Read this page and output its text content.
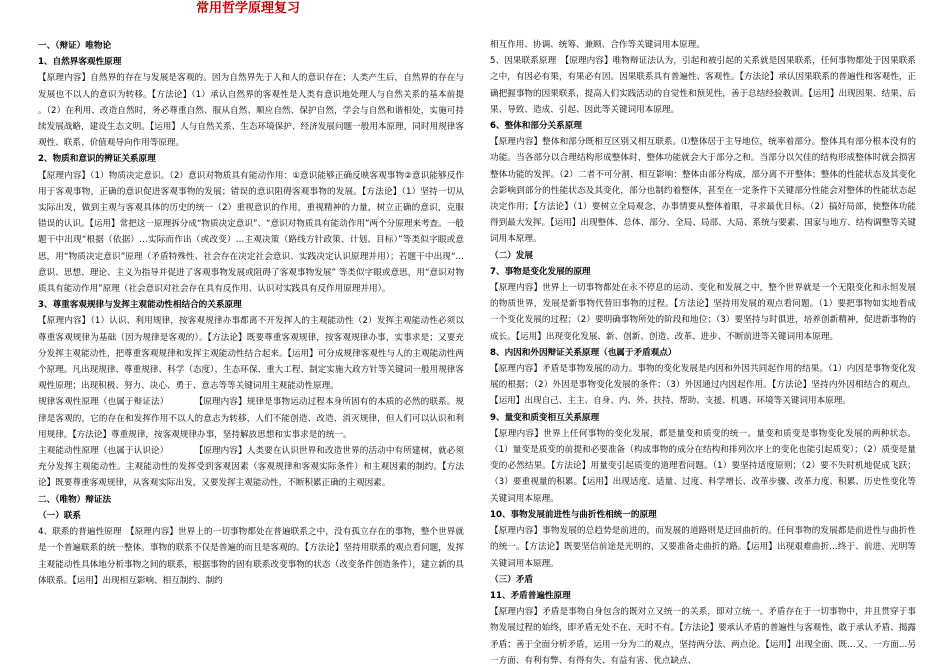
常用哲学原理复习

一、（辩证）唯物论

1、自然界客观性原理

【原理内容】自然界的存在与发展是客观的。因为自然界先于人和人的意识存在；人类产生后，自然界的存在与发展也不以人的意识为转移。【方法论】（1）承认自然界的客观性是人类有意识地处理人与自然关系的基本前提 。（2）在利用、改造自然时，务必尊重自然、服从自然、顺应自然、保护自然，学会与自然和谐相处，实施可持续发展战略，建设生态文明。【运用】人与自然关系、生态环境保护、经济发展问题一般用本原理，同时用规律客观性、联系、价值观导向作用等原理。

2、物质和意识的辨证关系原理

【原理内容】（1）物质决定意识。（2）意识对物质具有能动作用：①意识能够正确反映客观事物②意识能够反作用于客观事物，正确的意识促进客观事物的发展；错误的意识阻碍客观事物的发展。【方法论】（1）坚持一切从实际出发，做到主观与客观具体的历史的统一（2）重视意识的作用，重视精神的力量，树立正确的意识，克服错误的认识。【运用】常把这一原理拆分成“物质决定意识”、“意识对物质具有能动作用”两个分原理来考查。一般题干中出现“根据（依据）…实际而作出（或改变）…主观决策（路线方针政策、计划、目标）”等类似字眼或意思，用“物质决定意识”原理（矛盾特殊性、社会存在决定社会意识、实践决定认识原理并用）；若题干中出现“…意识、思想、理论、主义为指导并促进了客观事物发展或阻碍了客观事物发展” 等类似字眼或意思，用“意识对物质具有能动作用”原理（社会意识对社会存在具有反作用、认识对实践具有反作用原理并用）。

3、尊重客观规律与发挥主观能动性相结合的关系原理

【原理内容】（1）认识、利用规律，按客观规律办事都离不开发挥人的主观能动性（2）发挥主观能动性必须以尊重客观规律为基础（因为规律是客观的）。【方法论】既要尊重客观规律，按客观规律办事，实事求是；又要充分发挥主观能动性，把尊重客观规律和发挥主观能动性结合起来。【运用】可分成规律客观性与人的主观能动性两个原理。凡出现规律、尊重规律、科学（态度）、生态环保、重大工程、制定实施大政方针等关键词一般用规律客观性原理；出现积极、努力、决心、勇于、意志等等关键词用主观能动性原理。

规律客观性原理（也属于辩证法）　　　　【原理内容】规律是事物运动过程本身所固有的本质的必然的联系。规律是客观的，它的存在和发挥作用不以人的意志为转移，人们不能创造、改造、消灭规律，但人们可以认识和利用规律。【方法论】尊重规律，按客观规律办事，坚持解放思想和实事求是的统一。

主观能动性原理（也属于认识论）　　　　【原理内容】人类要在认识世界和改造世界的活动中有所建树，就必须充分发挥主观能动性。主观能动性的发挥受到客观因素（客观规律和客观实际条件）和主观因素的制约。【方法论】既要尊重客观规律，从客观实际出发，又要发挥主观能动性，不断积累正确的主观因素。

二、（唯物）辩证法

（一）联系

4、联系的普遍性原理　【原理内容】世界上的一切事物都处在普遍联系之中，没有孤立存在的事物，整个世界就是一个普遍联系的统一整体。事物的联系不仅是普遍的而且是客观的。【方法论】坚持用联系的观点看问题，发挥主观能动性具体地分析事物之间的联系，根据事物的固有联系改变事物的状态（改变条件创造条件），建立新的具体联系。【运用】出现相互影响、相互制约、制约

相互作用、协调、统筹、兼顾、合作等关键词用本原理。

5、因果联系原理　【原理内容】唯物辩证法认为，引起和被引起的关系就是因果联系，任何事物都处于因果联系之中，有因必有果，有果必有因。因果联系具有普遍性、客观性。【方法论】承认因果联系的普遍性和客观性，正确把握事物的因果联系，提高人们实践活动的自觉性和预见性，善于总结经验教训。【运用】出现因果、结果、后果、导致、造成、引起、因此等关键词用本原理。

6、整体和部分关系原理

【原理内容】整体和部分既相互区别又相互联系。⑴整体居于主导地位，统率着部分。整体具有部分根本没有的功能。当各部分以合理结构形成整体时，整体功能就会大于部分之和。当部分以欠佳的结构形成整体时就会损害整体功能的发挥。（2）二者不可分割、相互影响：整体由部分构成，部分离不开整体；整体的性能状态及其变化会影响到部分的性能状态及其变化，部分也制约着整体，甚至在一定条件下关键部分性能会对整体的性能状态起决定作用；【方法论】（1）要树立全局观念，办事情要从整体着眼，寻求最优目标。（2）搞好局部，使整体功能得到最大发挥。【运用】出现整体、总体、部分、全局、局部、大局、系统与要素、国家与地方、结构调整等关键词用本原理。

（二）发展

7、事物是变化发展的原理

【原理内容】世界上一切事物都处在永不停息的运动、变化和发展之中，整个世界就是一个无限变化和永恒发展的物质世界，发展是新事物代替旧事物的过程。【方法论】坚持用发展的观点看问题。（1）要把事物如实地看成一个变化发展的过程；（2）要明确事物所处的阶段和地位；（3）要坚持与时俱进，培养创新精神，促进新事物的成长。【运用】出现变化发展、新、创新、创造、改革、进步、不断前进等关键词用本原理。

8、内因和外因辩证关系原理（也属于矛盾观点）

【原理内容】矛盾是事物发展的动力。事物的变化发展是内因和外因共同起作用的结果。（1）内因是事物变化发展的根据；（2）外因是事物变化发展的条件；（3）外因通过内因起作用。【方法论】坚持内外因相结合的观点。【运用】出现自己、主主、自身、内、外、扶持、帮助、支援、机遇、环境等关键词用本原理。

9、量变和质变相互关系原理

【原理内容】世界上任何事物的变化发展，都是量变和质变的统一。量变和质变是事物变化发展的两种状态。（1）量变是质变的前提和必要准备（构成事物的成分在结构和排列次序上的变化也能引起质变）；（2）质变是量变的必然结果。【方法论】用量变引起质变的道理看问题。（1）要坚持适度原则；（2）要不失时机地促成飞跃；（3）要重视量的积累。【运用】出现适度、适量、过度、科学增长、改革步骤、改革力度、积累、历史性变化等关键词用本原理。

10、事物发展前进性与曲折性相统一的原理

【原理内容】事物发展的总趋势是前进的，而发展的道路则是迂回曲折的。任何事物的发展都是前进性与曲折性的统一。【方法论】既要坚信前途是光明的，又要准备走曲折的路。【运用】出现艰难曲折…终于、前进、光明等关键词用本原理。

（三）矛盾

11、矛盾普遍性原理

【原理内容】矛盾是事物自身包含的既对立又统一的关系，即对立统一。矛盾存在于一切事物中，并且贯穿于事物发展过程的始终，即矛盾无处不在、无时不有。【方法论】要承认矛盾的普遍性与客观性，敢于承认矛盾、揭露矛盾；善于全面分析矛盾，运用一分为二的观点，坚持两分法、两点论。【运用】出现全面、既…又、一方面…另一方面、有利有弊、有得有失、有益有害、优点缺点、
